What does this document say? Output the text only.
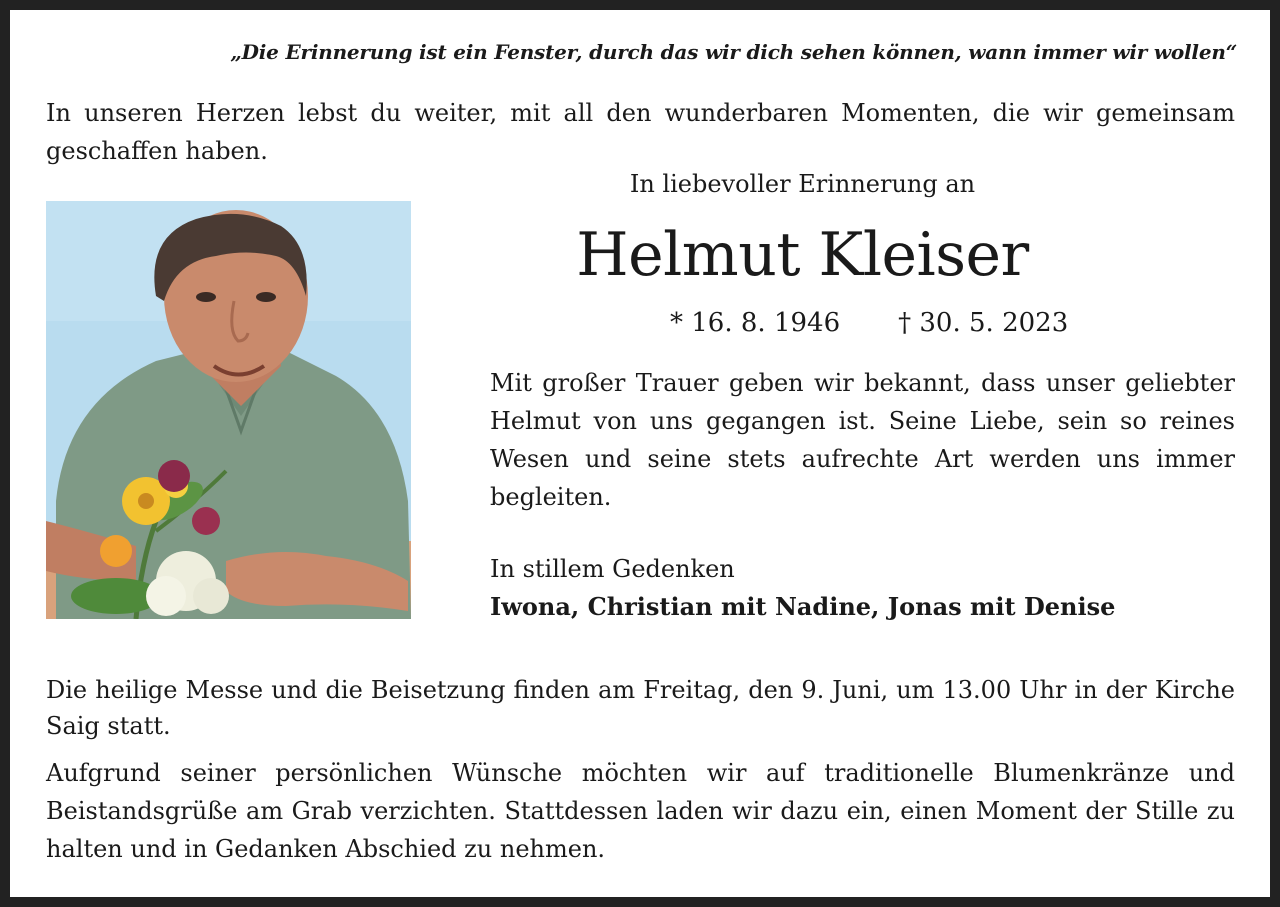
„Die Erinnerung ist ein Fenster, durch das wir dich sehen können, wann immer wir wollen“

In unseren Herzen lebst du weiter, mit all den wunderbaren Momenten, die wir gemeinsam geschaffen haben.

In liebevoller Erinnerung an
Helmut Kleiser
* 16. 8. 1946 † 30. 5. 2023

Mit großer Trauer geben wir bekannt, dass unser geliebter Helmut von uns gegangen ist. Seine Liebe, sein so reines Wesen und seine stets aufrechte Art werden uns immer begleiten.

In stillem Gedenken
Iwona, Christian mit Nadine, Jonas mit Denise

Die heilige Messe und die Beisetzung finden am Freitag, den 9. Juni, um 13.00 Uhr in der Kirche Saig statt.

Aufgrund seiner persönlichen Wünsche möchten wir auf traditionelle Blumenkränze und Beistandsgrüße am Grab verzichten. Stattdessen laden wir dazu ein, einen Moment der Stille zu halten und in Gedanken Abschied zu nehmen.
